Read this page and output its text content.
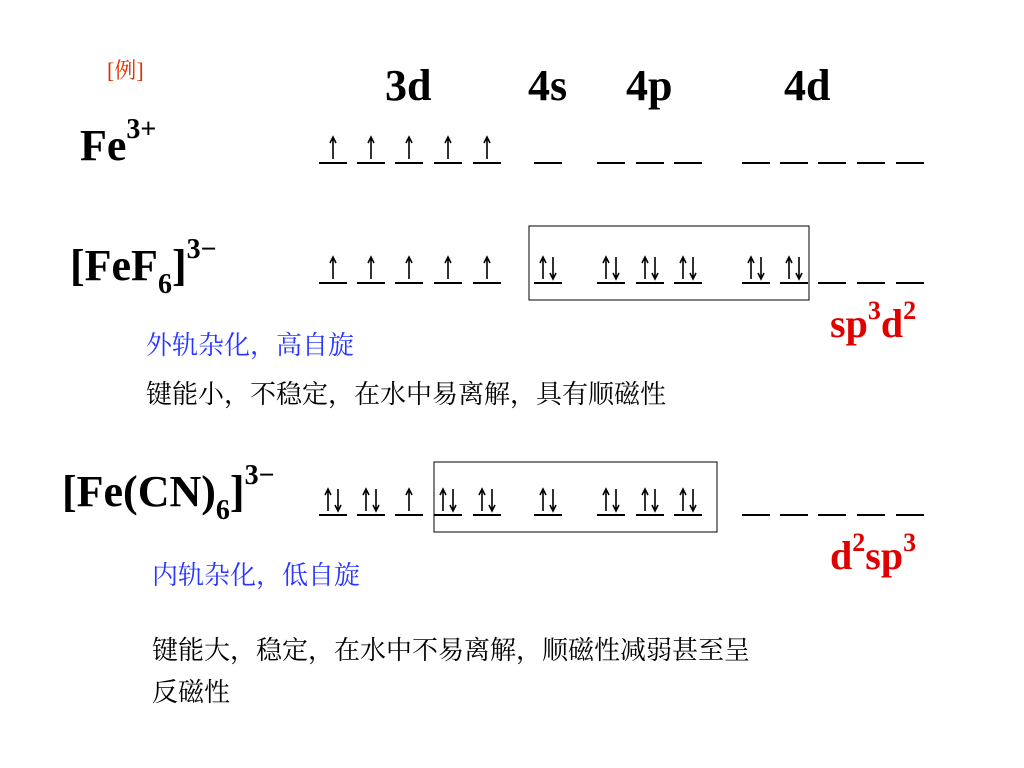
[例]	3d 4s 4p	4d
$Fe^{3+}$
$[FeF_6]^{3-}$
$[Fe(CN)_6]^{3-}$
$sp^3d^2$
$d^2sp^3$
外轨杂化，高自旋
键能小，不稳定，在水中易离解，具有顺磁性
内轨杂化，低自旋
键能大，稳定，在水中不易离解，顺磁性减弱甚至呈
反磁性
